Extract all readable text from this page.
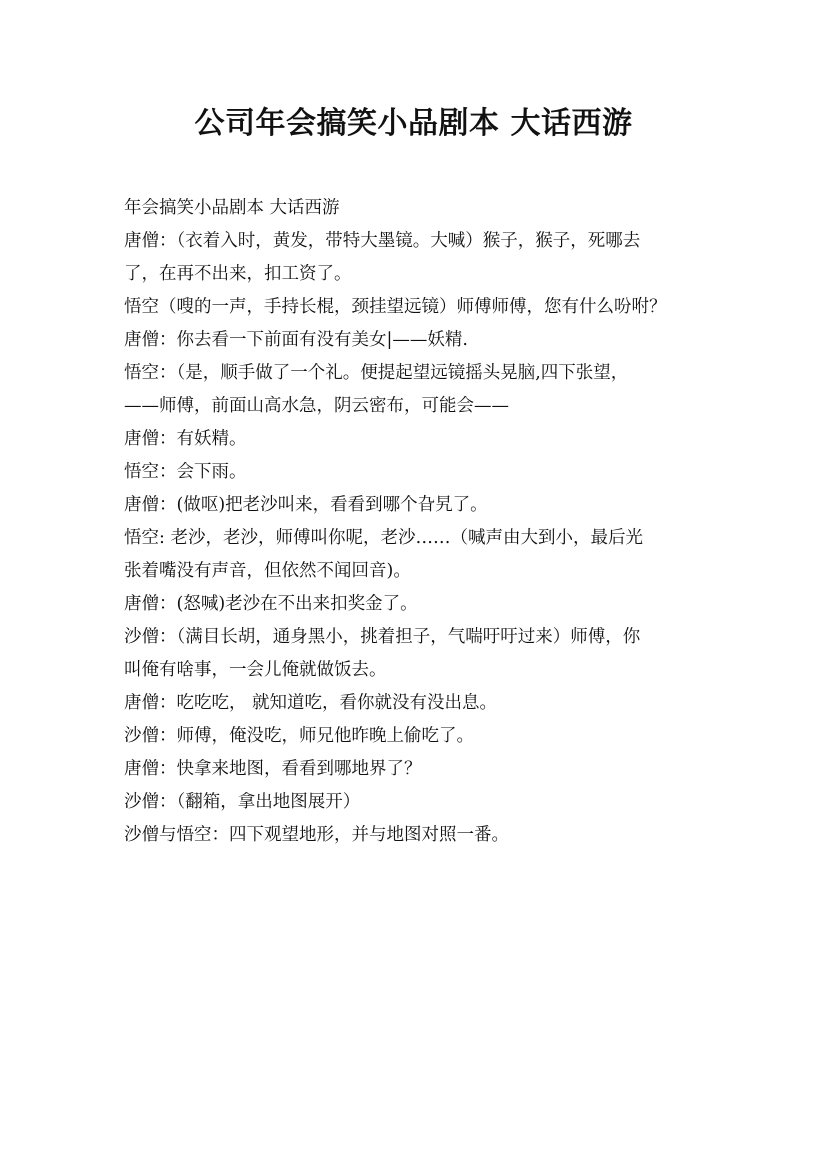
公司年会搞笑小品剧本 大话西游
年会搞笑小品剧本 大话西游
唐僧：（衣着入时，黄发，带特大墨镜。大喊）猴子，猴子，死哪去
了，在再不出来，扣工资了。
悟空（嗖的一声，手持长棍，颈挂望远镜）师傅师傅，您有什么吩咐？
唐僧：你去看一下前面有没有美女|——妖精.
悟空：（是，顺手做了一个礼。便提起望远镜摇头晃脑,四下张望，
——师傅，前面山高水急，阴云密布，可能会——
唐僧：有妖精。
悟空：会下雨。
唐僧：(做呕)把老沙叫来，看看到哪个旮旯了。
悟空: 老沙，老沙，师傅叫你呢，老沙……（喊声由大到小，最后光
张着嘴没有声音，但依然不闻回音)。
唐僧：(怒喊)老沙在不出来扣奖金了。
沙僧：（满目长胡，通身黑小，挑着担子，气喘吁吁过来）师傅，你
叫俺有啥事，一会儿俺就做饭去。
唐僧：吃吃吃， 就知道吃，看你就没有没出息。
沙僧：师傅，俺没吃，师兄他昨晚上偷吃了。
唐僧：快拿来地图，看看到哪地界了？
沙僧：（翻箱，拿出地图展开）
沙僧与悟空：四下观望地形，并与地图对照一番。
